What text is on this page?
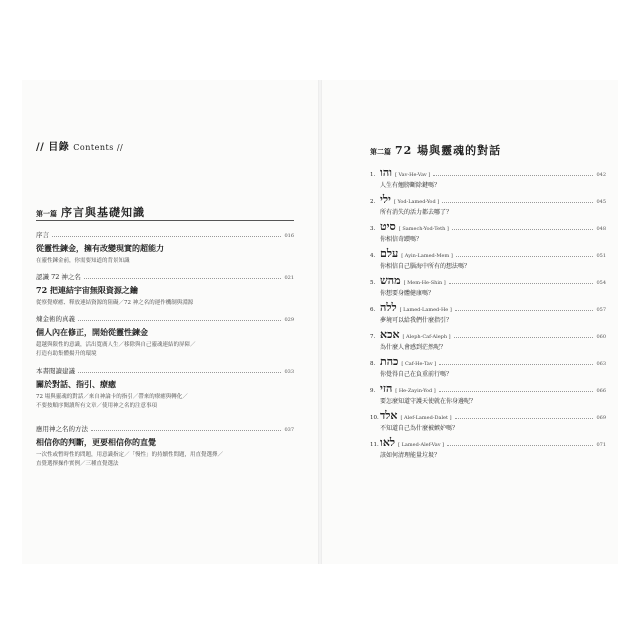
// 目錄 Contents //
第一篇 序言與基礎知識
序言	016
從靈性鍊金，擁有改變現實的超能力
在靈性鍊金前，你需要知道的背景知識
認識 72 神之名	021
72 把連結宇宙無限資源之鑰
從察覺療癒、釋放連結資源的阻礙／72 神之名的運作機制與淵源
煉金術的真義	029
個人內在修正，開始從靈性鍊金
超越與限性的意識，活出寬廣人生／移除與自己靈魂連結的屏障／
打造有助集體揚升的環境
本書閱讀建議	033
關於對話、指引、療癒
72 場與靈魂的對話／來自神論卡的指引／帶來的療癒與轉化／
不要按順序閱讀所有文章／使用神之名的注意事項
應用神之名的方法	037
相信你的判斷，更要相信你的直覺
一次性或暫時性的問題，用意識指定／「慢性」的持續性問題，用直覺選擇／
直覺選擇操作實例／三種直覺選法
第二篇 72 場與靈魂的對話
1. והו [ Vav-He-Vav ]	042
人生有翹膀斷除鍵嗎？
2. ילי [ Yod-Lamed-Yod ]	045
所有消失的活力都去哪了？
3. סיט [ Samech-Yod-Teth ]	048
你相信奇蹟嗎？
4. עלם [ Ayin-Lamed-Mem ]	051
你相信自己腦海中所有的想法嗎？
5. מהש [ Mem-He-Shin ]	054
你想要身體健康嗎？
6. ללה [ Lamed-Lamed-He ]	057
夢境可以給我們什麼指引？
7. אכא [ Aleph-Caf-Aleph ]	060
為什麼人會感到茫然呢？
8. כהת [ Caf-He-Tav ]	063
你覺得自己在負重前行嗎？
9. הזי [ He-Zayin-Yod ]	066
要怎麼知道守護天使就在你身邊呢？
10. אלד [ Alef-Lamed-Dalet ]	069
不知道自己為什麼被嫉妒嗎？
11. לאו [ Lamed-Alef-Vav ]	071
該如何清理能量垃圾？
